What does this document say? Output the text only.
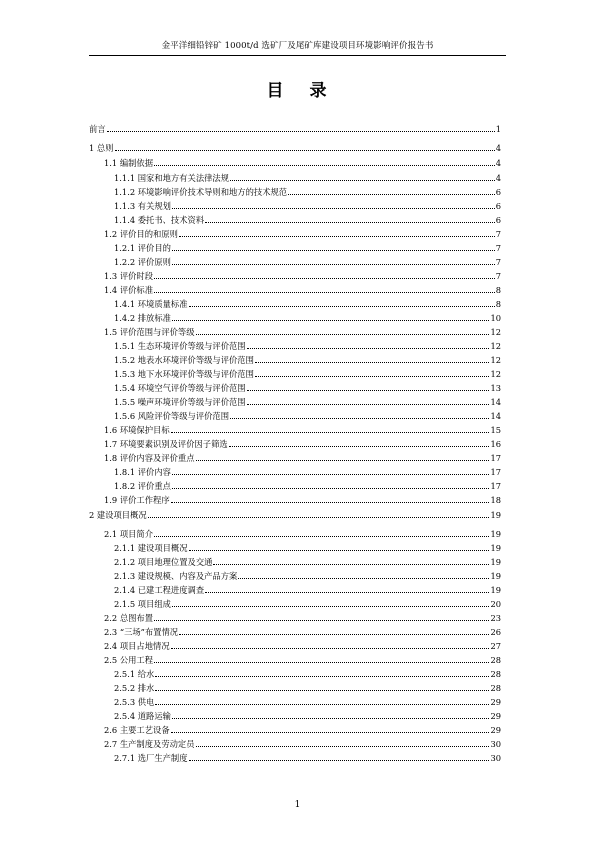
金平洋细铅锌矿 1000t/d 选矿厂及尾矿库建设项目环境影响评价报告书
目 录
前言	1
1 总则	4
1.1 编制依据	4
1.1.1 国家和地方有关法律法规	4
1.1.2 环境影响评价技术导则和地方的技术规范	6
1.1.3 有关规划	6
1.1.4 委托书、技术资料	6
1.2 评价目的和原则	7
1.2.1 评价目的	7
1.2.2 评价原则	7
1.3 评价时段	7
1.4 评价标准	8
1.4.1 环境质量标准	8
1.4.2 排放标准	10
1.5 评价范围与评价等级	12
1.5.1 生态环境评价等级与评价范围	12
1.5.2 地表水环境评价等级与评价范围	12
1.5.3 地下水环境评价等级与评价范围	12
1.5.4 环境空气评价等级与评价范围	13
1.5.5 噪声环境评价等级与评价范围	14
1.5.6 风险评价等级与评价范围	14
1.6 环境保护目标	15
1.7 环境要素识别及评价因子筛选	16
1.8 评价内容及评价重点	17
1.8.1 评价内容	17
1.8.2 评价重点	17
1.9 评价工作程序	18
2 建设项目概况	19
2.1 项目简介	19
2.1.1 建设项目概况	19
2.1.2 项目地理位置及交通	19
2.1.3 建设规模、内容及产品方案	19
2.1.4 已建工程进度调查	19
2.1.5 项目组成	20
2.2 总图布置	23
2.3 “三场”布置情况	26
2.4 项目占地情况	27
2.5 公用工程	28
2.5.1 给水	28
2.5.2 排水	28
2.5.3 供电	29
2.5.4 道路运输	29
2.6 主要工艺设备	29
2.7 生产制度及劳动定员	30
2.7.1 选厂生产制度	30
1
